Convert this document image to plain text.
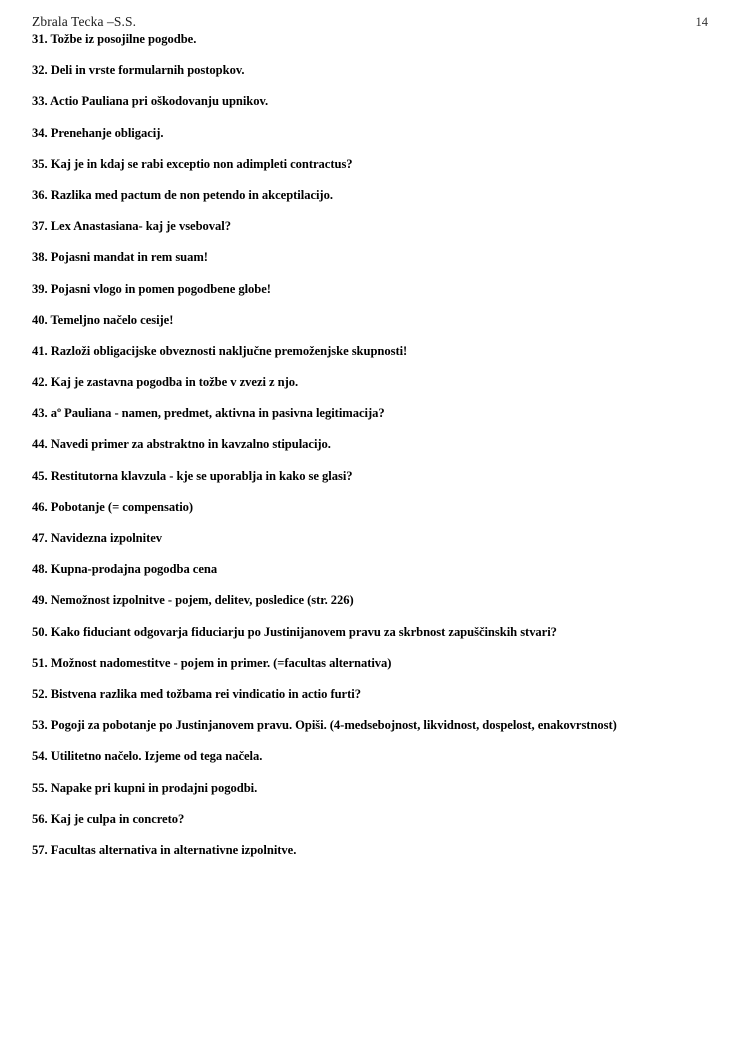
Zbrala Tecka –S.S.	14

31. Tožbe iz posojilne pogodbe.

32. Deli in vrste formularnih postopkov.

33. Actio Pauliana pri oškodovanju upnikov.

34. Prenehanje obligacij.

35. Kaj je in kdaj se rabi exceptio non adimpleti contractus?

36. Razlika med pactum de non petendo in akceptilacijo.

37. Lex Anastasiana- kaj je vseboval?

38. Pojasni mandat in rem suam!

39. Pojasni vlogo in pomen pogodbene globe!

40. Temeljno načelo cesije!

41. Razloži obligacijske obveznosti naključne premoženjske skupnosti!

42. Kaj je zastavna pogodba in tožbe v zvezi z njo.

43. aº Pauliana - namen, predmet, aktivna in pasivna legitimacija?

44. Navedi primer za abstraktno in kavzalno stipulacijo.

45. Restitutorna klavzula - kje se uporablja in kako se glasi?

46. Pobotanje (= compensatio)

47. Navidezna izpolnitev

48. Kupna-prodajna pogodba cena

49. Nemožnost izpolnitve - pojem, delitev, posledice (str. 226)

50. Kako fiduciant odgovarja fiduciarju po Justinijanovem pravu za skrbnost zapuščinskih stvari?

51. Možnost nadomestitve - pojem in primer. (=facultas alternativa)

52. Bistvena razlika med tožbama rei vindicatio in actio furti?

53. Pogoji za pobotanje po Justinjanovem pravu. Opiši. (4-medsebojnost, likvidnost, dospelost, enakovrstnost)

54. Utilitetno načelo. Izjeme od tega načela.

55. Napake pri kupni in prodajni pogodbi.

56. Kaj je culpa in concreto?

57. Facultas alternativa in alternativne izpolnitve.
